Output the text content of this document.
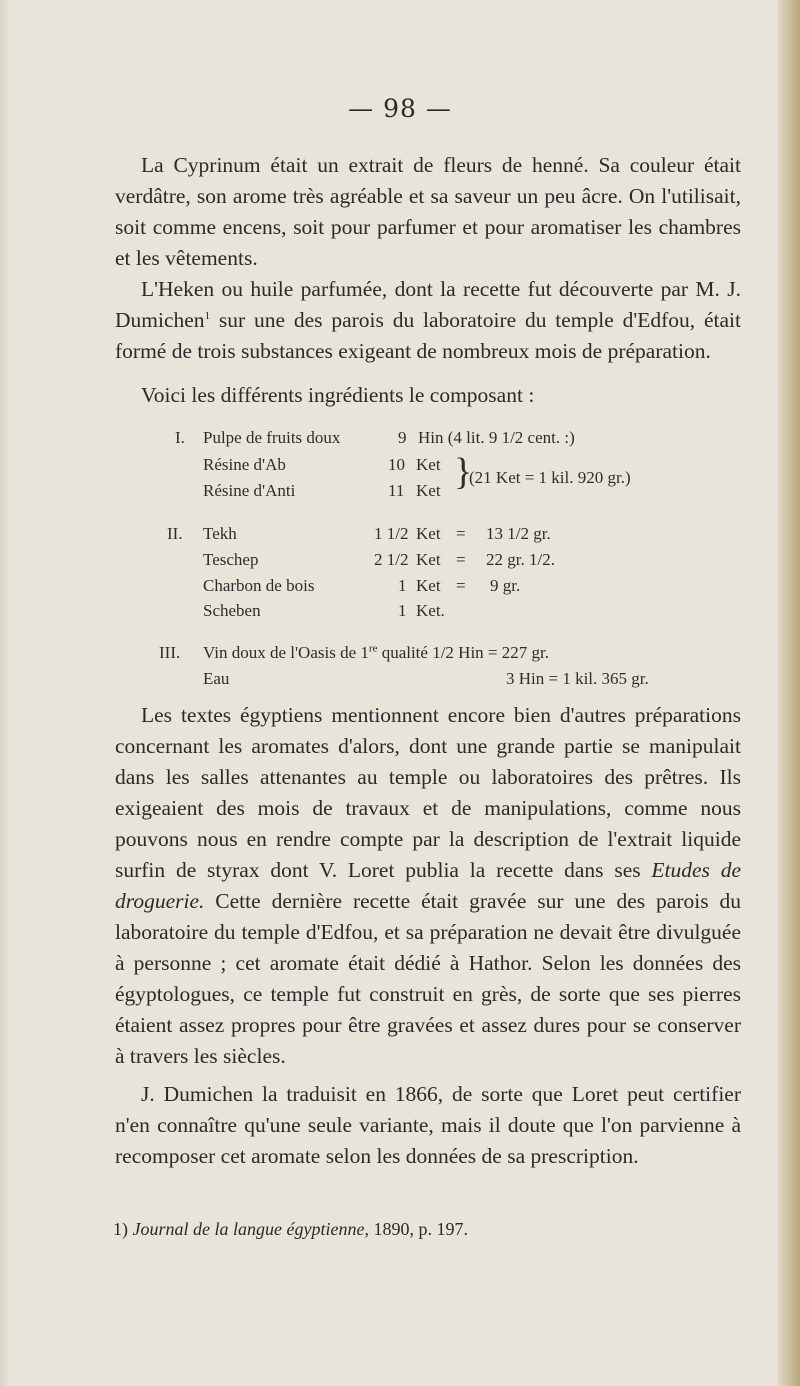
— 98 —

La Cyprinum était un extrait de fleurs de henné. Sa couleur était verdâtre, son arome très agréable et sa saveur un peu âcre. On l'utilisait, soit comme encens, soit pour parfumer et pour aromatiser les chambres et les vêtements.

L'Heken ou huile parfumée, dont la recette fut découverte par M. J. Dumichen$^1$ sur une des parois du laboratoire du temple d'Edfou, était formé de trois substances exigeant de nombreux mois de préparation.

Voici les différents ingrédients le composant :

I. Pulpe de fruits doux	9 Hin (4 lit. 9 1/2 cent. :)
Résine d'Ab	10 Ket
Résine d'Anti	11 Ket }
(21 Ket = 1 kil. 920 gr.)
II. Tekh	1 1/2 Ket = 13 1/2 gr.
Teschep	2 1/2 Ket = 22 gr. 1/2.
Charbon de bois	1 Ket = 9 gr.
Scheben	1 Ket.
III. Vin doux de l'Oasis de 1re qualité 1/2 Hin = 227 gr.
Eau	3 Hin = 1 kil. 365 gr.

Les textes égyptiens mentionnent encore bien d'autres préparations concernant les aromates d'alors, dont une grande partie se manipulait dans les salles attenantes au temple ou laboratoires des prêtres. Ils exigeaient des mois de travaux et de manipulations, comme nous pouvons nous en rendre compte par la description de l'extrait liquide surfin de styrax dont V. Loret publia la recette dans ses Etudes de droguerie. Cette dernière recette était gravée sur une des parois du laboratoire du temple d'Edfou, et sa préparation ne devait être divulguée à personne ; cet aromate était dédié à Hathor. Selon les données des égyptologues, ce temple fut construit en grès, de sorte que ses pierres étaient assez propres pour être gravées et assez dures pour se conserver à travers les siècles.

J. Dumichen la traduisit en 1866, de sorte que Loret peut certifier n'en connaître qu'une seule variante, mais il doute que l'on parvienne à recomposer cet aromate selon les données de sa prescription.

1) Journal de la langue égyptienne, 1890, p. 197.
